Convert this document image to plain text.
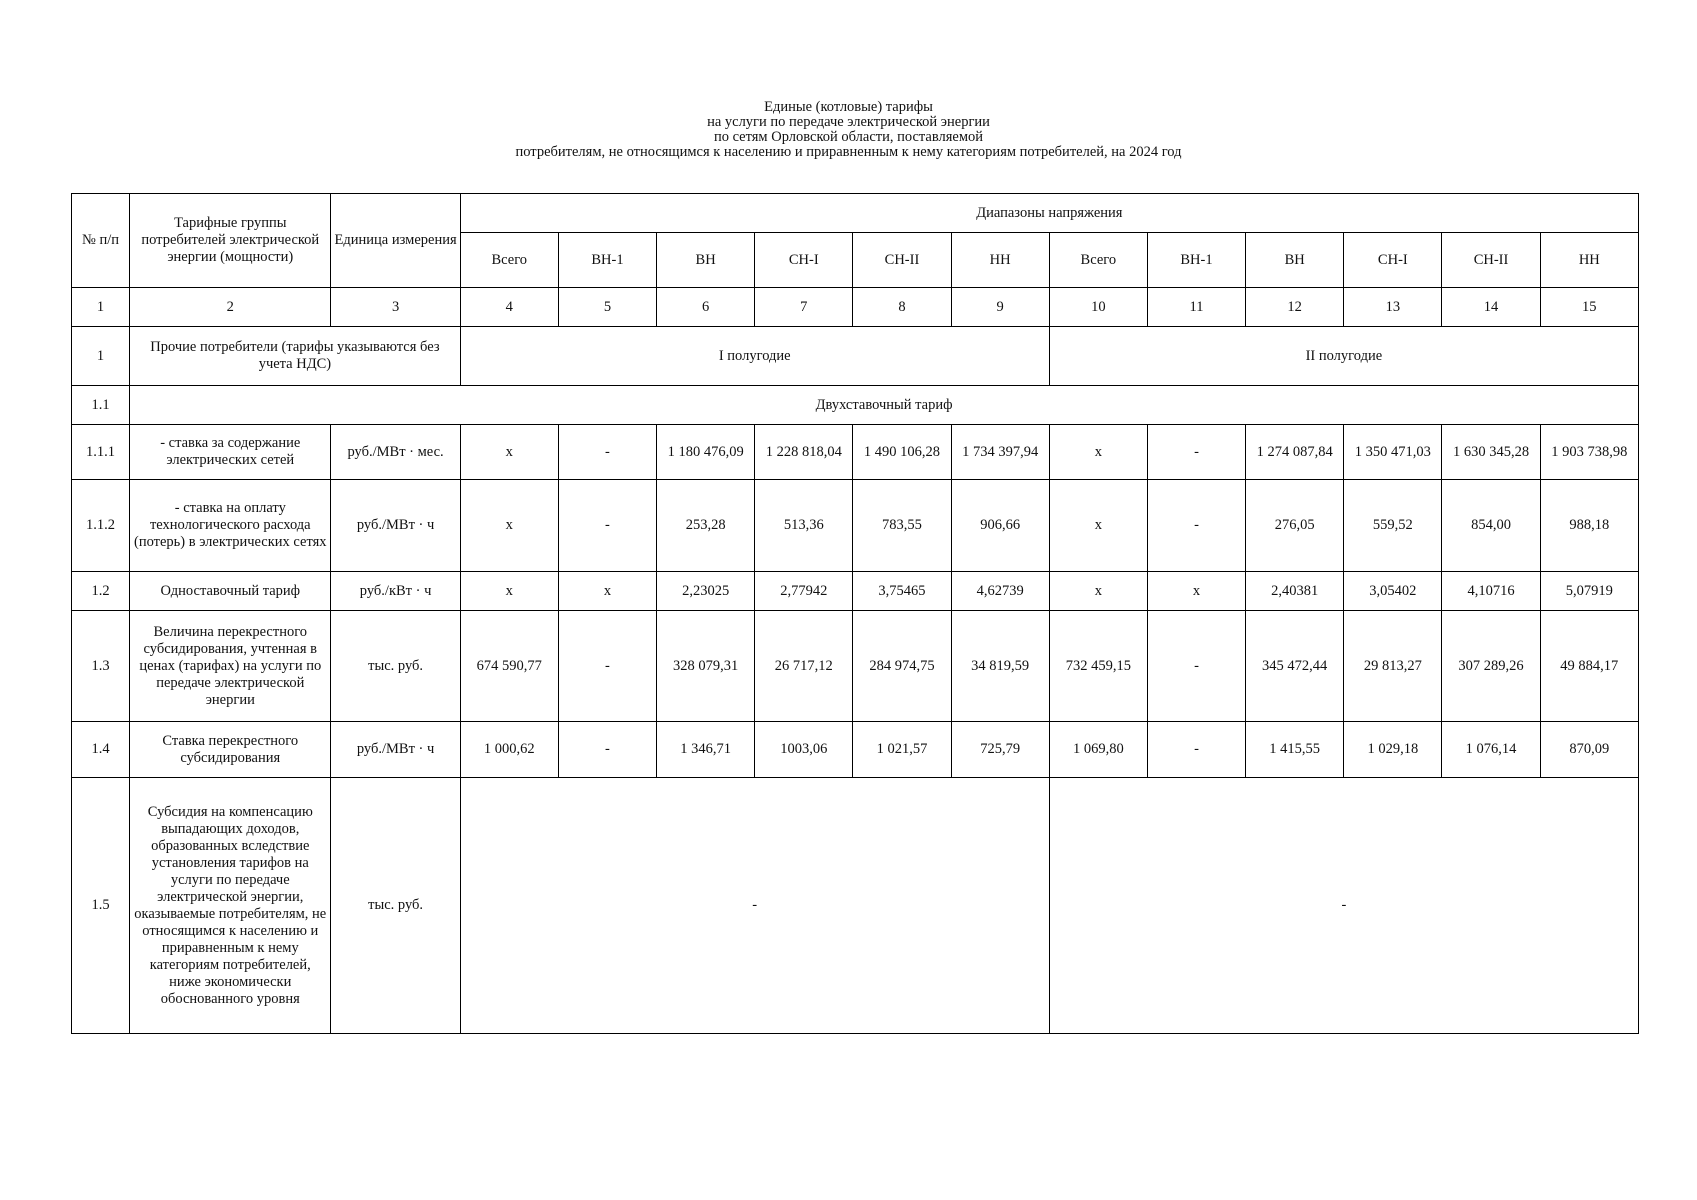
Единые (котловые) тарифы
на услуги по передаче электрической энергии
по сетям Орловской области, поставляемой
потребителям, не относящимся к населению и приравненным к нему категориям потребителей, на 2024 год
№ п/п	Тарифные группы потребителей электрической энергии (мощности)	Единица измерения	Диапазоны напряжения											
			Всего	ВН-1	ВН	СН-I	СН-II	НН	Всего	ВН-1	ВН	СН-I	СН-II	НН
1	2	3	4	5	6	7	8	9	10	11	12	13	14	15
1	Прочие потребители (тарифы указываются без учета НДС)		I полугодие						II полугодие					
1.1	Двухставочный тариф													
1.1.1	- ставка за содержание электрических сетей	руб./МВт · мес.	x	-	1 180 476,09	1 228 818,04	1 490 106,28	1 734 397,94	x	-	1 274 087,84	1 350 471,03	1 630 345,28	1 903 738,98
1.1.2	- ставка на оплату технологического расхода (потерь) в электрических сетях	руб./МВт · ч	x	-	253,28	513,36	783,55	906,66	x	-	276,05	559,52	854,00	988,18
1.2	Одноставочный тариф	руб./кВт · ч	x	x	2,23025	2,77942	3,75465	4,62739	x	x	2,40381	3,05402	4,10716	5,07919
1.3	Величина перекрестного субсидирования, учтенная в ценах (тарифах) на услуги по передаче электрической энергии	тыс. руб.	674 590,77	-	328 079,31	26 717,12	284 974,75	34 819,59	732 459,15	-	345 472,44	29 813,27	307 289,26	49 884,17
1.4	Ставка перекрестного субсидирования	руб./МВт · ч	1 000,62	-	1 346,71	1003,06	1 021,57	725,79	1 069,80	-	1 415,55	1 029,18	1 076,14	870,09
1.5	Субсидия на компенсацию выпадающих доходов, образованных вследствие установления тарифов на услуги по передаче электрической энергии, оказываемые потребителям, не относящимся к населению и приравненным к нему категориям потребителей, ниже экономически обоснованного уровня	тыс. руб.	-						-					
